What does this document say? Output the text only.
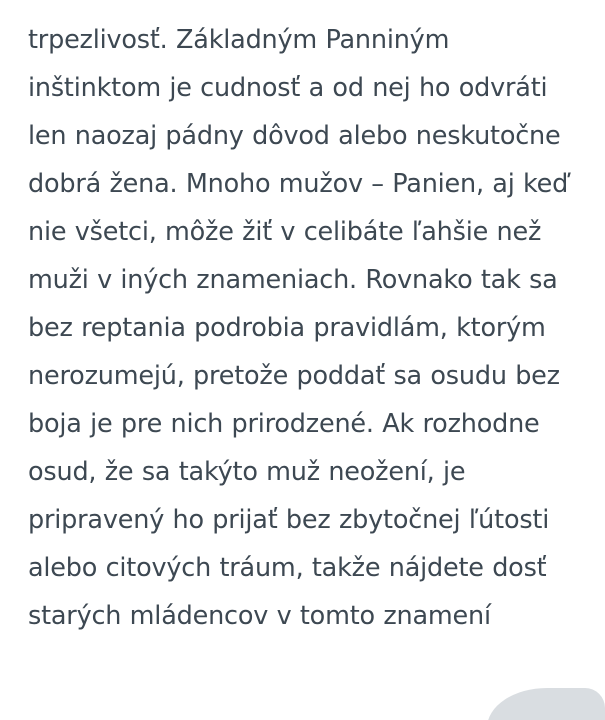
trpezlivosť. Základným Panniným inštinktom je cudnosť a od nej ho odvráti len naozaj pádny dôvod alebo neskutočne dobrá žena. Mnoho mužov – Panien, aj keď nie všetci, môže žiť v celibáte ľahšie než muži v iných znameniach. Rovnako tak sa bez reptania podrobia pravidlám, ktorým nerozumejú, pretože poddať sa osudu bez boja je pre nich prirodzené. Ak rozhodne osud, že sa takýto muž neožení, je pripravený ho prijať bez zbytočnej ľútosti alebo citových tráum, takže nájdete dosť starých mládencov v tomto znamení
